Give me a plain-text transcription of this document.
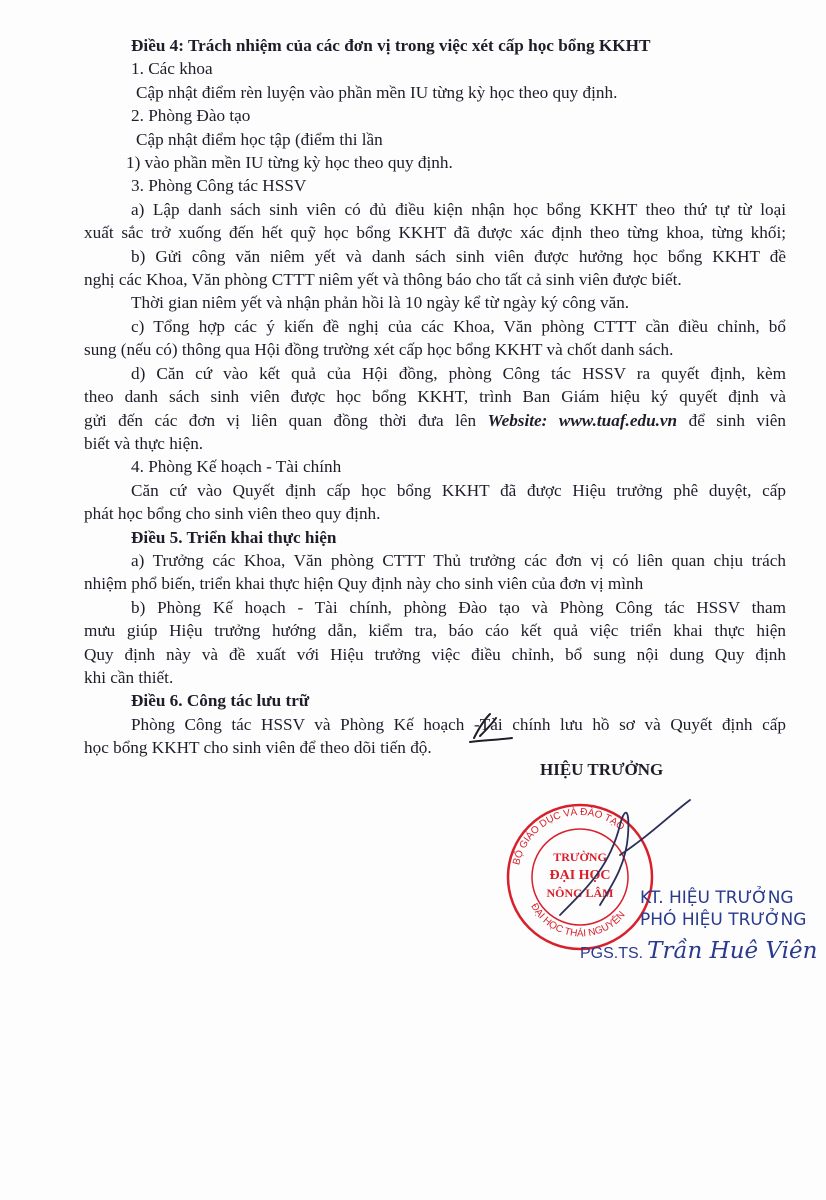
Điều 4: Trách nhiệm của các đơn vị trong việc xét cấp học bổng KKHT

1. Các khoa

Cập nhật điểm rèn luyện vào phần mền IU từng kỳ học theo quy định.

2. Phòng Đào tạo

Cập nhật điểm học tập (điểm thi lần

1) vào phần mền IU từng kỳ học theo quy định.

3. Phòng Công tác HSSV

a) Lập danh sách sinh viên có đủ điều kiện nhận học bổng KKHT theo thứ tự từ loại

xuất sắc trở xuống đến hết quỹ học bổng KKHT đã được xác định theo từng khoa, từng khối;

b) Gửi công văn niêm yết và danh sách sinh viên được hưởng học bổng KKHT đề

nghị các Khoa, Văn phòng CTTT niêm yết và thông báo cho tất cả sinh viên được biết.

Thời gian niêm yết và nhận phản hồi là 10 ngày kể từ ngày ký công văn.

c) Tổng hợp các ý kiến đề nghị của các Khoa, Văn phòng CTTT cần điều chỉnh, bổ

sung (nếu có) thông qua Hội đồng trường xét cấp học bổng KKHT và chốt danh sách.

d) Căn cứ vào kết quả của Hội đồng, phòng Công tác HSSV ra quyết định, kèm

theo danh sách sinh viên được học bổng KKHT, trình Ban Giám hiệu ký quyết định và

gửi đến các đơn vị liên quan đồng thời đưa lên Website: www.tuaf.edu.vn để sinh viên

biết và thực hiện.

4. Phòng Kế hoạch - Tài chính

Căn cứ vào Quyết định cấp học bổng KKHT đã được Hiệu trưởng phê duyệt, cấp

phát học bổng cho sinh viên theo quy định.

Điều 5. Triển khai thực hiện

a) Trưởng các Khoa, Văn phòng CTTT Thủ trưởng các đơn vị có liên quan chịu trách

nhiệm phổ biến, triển khai thực hiện Quy định này cho sinh viên của đơn vị mình

b) Phòng Kế hoạch - Tài chính, phòng Đào tạo và Phòng Công tác HSSV tham

mưu giúp Hiệu trưởng hướng dẫn, kiểm tra, báo cáo kết quả việc triển khai thực hiện

Quy định này và đề xuất với Hiệu trưởng việc điều chỉnh, bổ sung nội dung Quy định

khi cần thiết.

Điều 6. Công tác lưu trữ

Phòng Công tác HSSV và Phòng Kế hoạch -Tài chính lưu hồ sơ và Quyết định cấp

học bổng KKHT cho sinh viên để theo dõi tiến độ.

HIỆU TRƯỞNG
BỘ GIÁO DỤC VÀ ĐÀO TẠO
ĐẠI HỌC THÁI NGUYÊN
TRƯỜNG
ĐẠI HỌC
NÔNG LÂM KT. HIỆU TRƯỞNG
PHÓ HIỆU TRƯỞNG
PGS.TS. Trần Huê Viên
